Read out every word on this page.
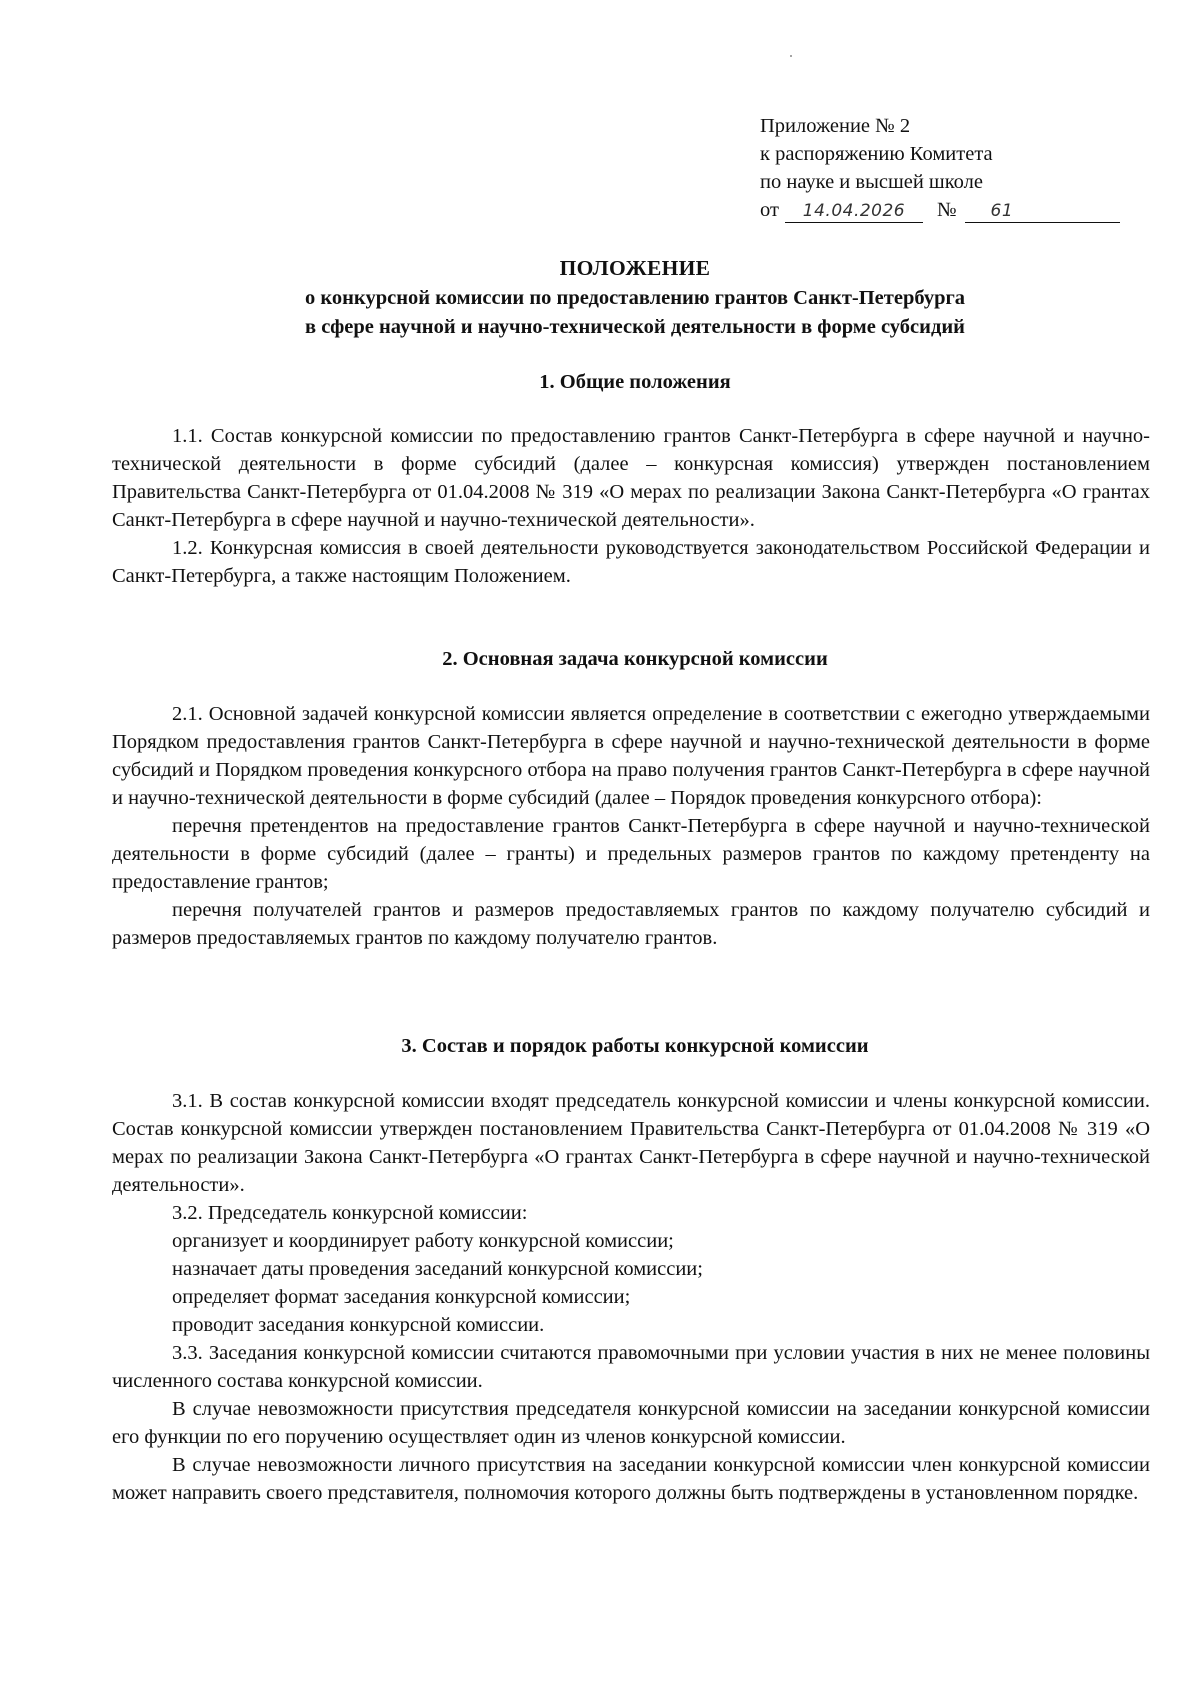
Приложение № 2
к распоряжению Комитета
по науке и высшей школе
от	14.04.2026	№	61
ПОЛОЖЕНИЕ
о конкурсной комиссии по предоставлению грантов Санкт-Петербурга
в сфере научной и научно-технической деятельности в форме субсидий
1. Общие положения

1.1. Состав конкурсной комиссии по предоставлению грантов Санкт-Петербурга в сфере научной и научно-технической деятельности в форме субсидий (далее – конкурсная комиссия) утвержден постановлением Правительства Санкт-Петербурга от 01.04.2008 № 319 «О мерах по реализации Закона Санкт-Петербурга «О грантах Санкт-Петербурга в сфере научной и научно-технической деятельности».

1.2. Конкурсная комиссия в своей деятельности руководствуется законодательством Российской Федерации и Санкт-Петербурга, а также настоящим Положением.

2. Основная задача конкурсной комиссии

2.1. Основной задачей конкурсной комиссии является определение в соответствии с ежегодно утверждаемыми Порядком предоставления грантов Санкт-Петербурга в сфере научной и научно-технической деятельности в форме субсидий и Порядком проведения конкурсного отбора на право получения грантов Санкт-Петербурга в сфере научной и научно-технической деятельности в форме субсидий (далее – Порядок проведения конкурсного отбора):

перечня претендентов на предоставление грантов Санкт-Петербурга в сфере научной и научно-технической деятельности в форме субсидий (далее – гранты) и предельных размеров грантов по каждому претенденту на предоставление грантов;

перечня получателей грантов и размеров предоставляемых грантов по каждому получателю субсидий и размеров предоставляемых грантов по каждому получателю грантов.

3. Состав и порядок работы конкурсной комиссии

3.1. В состав конкурсной комиссии входят председатель конкурсной комиссии и члены конкурсной комиссии. Состав конкурсной комиссии утвержден постановлением Правительства Санкт-Петербурга от 01.04.2008 № 319 «О мерах по реализации Закона Санкт-Петербурга «О грантах Санкт-Петербурга в сфере научной и научно-технической деятельности».

3.2. Председатель конкурсной комиссии:

организует и координирует работу конкурсной комиссии;

назначает даты проведения заседаний конкурсной комиссии;

определяет формат заседания конкурсной комиссии;

проводит заседания конкурсной комиссии.

3.3. Заседания конкурсной комиссии считаются правомочными при условии участия в них не менее половины численного состава конкурсной комиссии.

В случае невозможности присутствия председателя конкурсной комиссии на заседании конкурсной комиссии его функции по его поручению осуществляет один из членов конкурсной комиссии.

В случае невозможности личного присутствия на заседании конкурсной комиссии член конкурсной комиссии может направить своего представителя, полномочия которого должны быть подтверждены в установленном порядке.
